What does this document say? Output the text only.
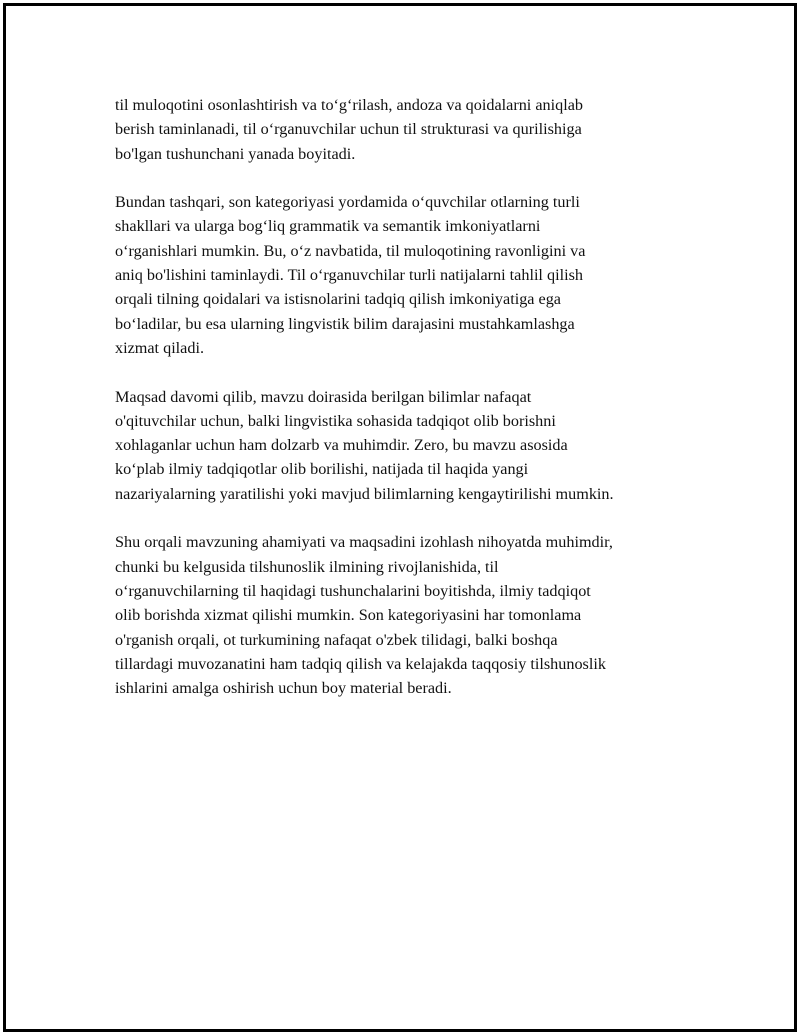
til muloqotini osonlashtirish va to‘g‘rilash, andoza va qoidalarni aniqlab
berish taminlanadi, til o‘rganuvchilar uchun til strukturasi va qurilishiga
bo'lgan tushunchani yanada boyitadi.

Bundan tashqari, son kategoriyasi yordamida o‘quvchilar otlarning turli
shakllari va ularga bog‘liq grammatik va semantik imkoniyatlarni
o‘rganishlari mumkin. Bu, o‘z navbatida, til muloqotining ravonligini va
aniq bo'lishini taminlaydi. Til o‘rganuvchilar turli natijalarni tahlil qilish
orqali tilning qoidalari va istisnolarini tadqiq qilish imkoniyatiga ega
bo‘ladilar, bu esa ularning lingvistik bilim darajasini mustahkamlashga
xizmat qiladi.

Maqsad davomi qilib, mavzu doirasida berilgan bilimlar nafaqat
o'qituvchilar uchun, balki lingvistika sohasida tadqiqot olib borishni
xohlaganlar uchun ham dolzarb va muhimdir. Zero, bu mavzu asosida
ko‘plab ilmiy tadqiqotlar olib borilishi, natijada til haqida yangi
nazariyalarning yaratilishi yoki mavjud bilimlarning kengaytirilishi mumkin.

Shu orqali mavzuning ahamiyati va maqsadini izohlash nihoyatda muhimdir,
chunki bu kelgusida tilshunoslik ilmining rivojlanishida, til
o‘rganuvchilarning til haqidagi tushunchalarini boyitishda, ilmiy tadqiqot
olib borishda xizmat qilishi mumkin. Son kategoriyasini har tomonlama
o'rganish orqali, ot turkumining nafaqat o'zbek tilidagi, balki boshqa
tillardagi muvozanatini ham tadqiq qilish va kelajakda taqqosiy tilshunoslik
ishlarini amalga oshirish uchun boy material beradi.
